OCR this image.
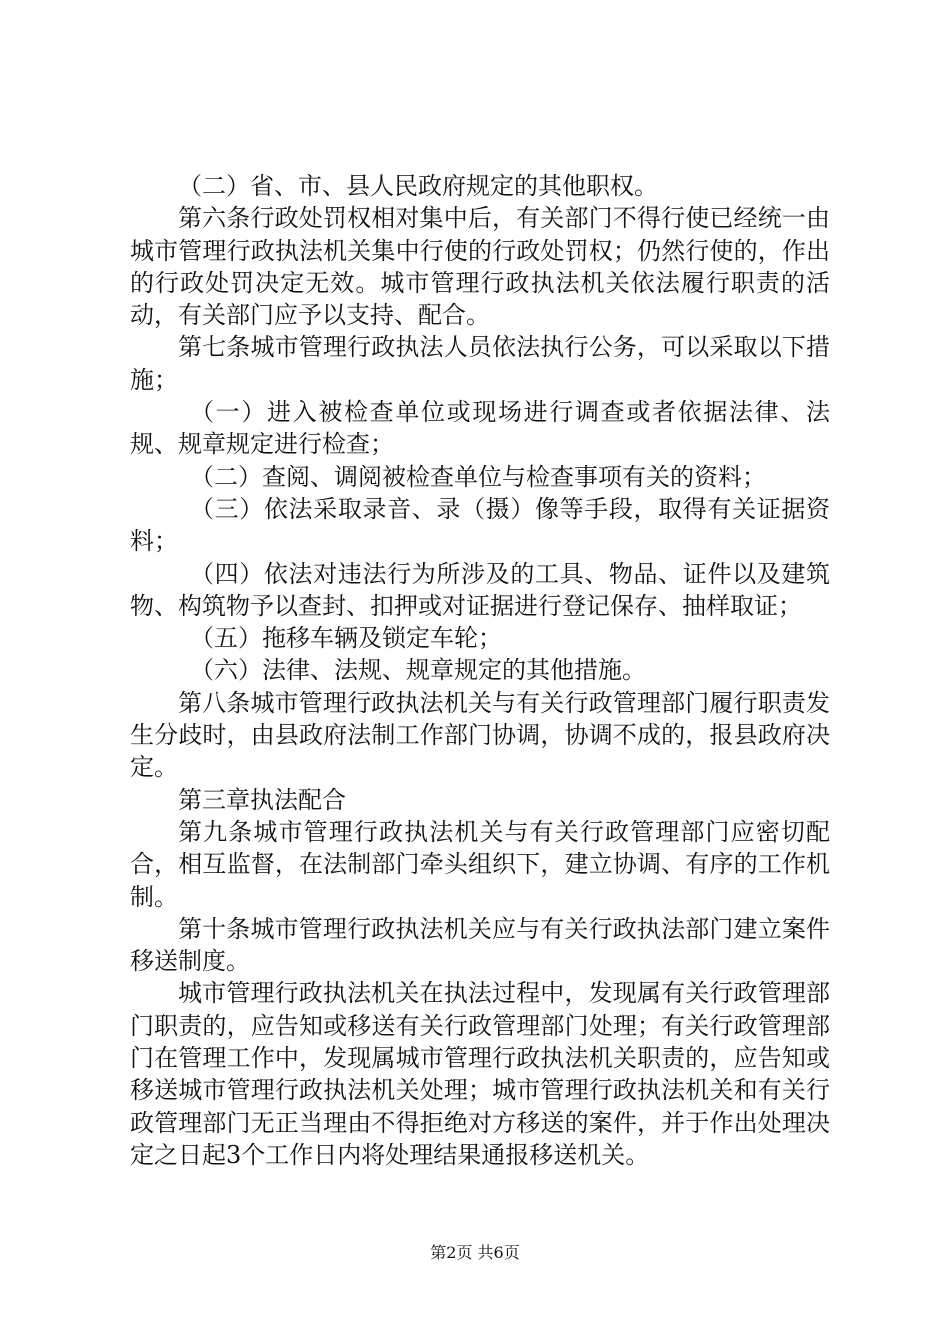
（二）省、市、县人民政府规定的其他职权。

第六条行政处罚权相对集中后，有关部门不得行使已经统一由城市管理行政执法机关集中行使的行政处罚权；仍然行使的，作出的行政处罚决定无效。城市管理行政执法机关依法履行职责的活动，有关部门应予以支持、配合。

第七条城市管理行政执法人员依法执行公务，可以采取以下措施；

（一）进入被检查单位或现场进行调查或者依据法律、法规、规章规定进行检查；

（二）查阅、调阅被检查单位与检查事项有关的资料；

（三）依法采取录音、录（摄）像等手段，取得有关证据资料；

（四）依法对违法行为所涉及的工具、物品、证件以及建筑物、构筑物予以查封、扣押或对证据进行登记保存、抽样取证；

（五）拖移车辆及锁定车轮；

（六）法律、法规、规章规定的其他措施。

第八条城市管理行政执法机关与有关行政管理部门履行职责发生分歧时，由县政府法制工作部门协调，协调不成的，报县政府决定。

第三章执法配合

第九条城市管理行政执法机关与有关行政管理部门应密切配合，相互监督，在法制部门牵头组织下，建立协调、有序的工作机制。

第十条城市管理行政执法机关应与有关行政执法部门建立案件移送制度。

城市管理行政执法机关在执法过程中，发现属有关行政管理部门职责的，应告知或移送有关行政管理部门处理；有关行政管理部门在管理工作中，发现属城市管理行政执法机关职责的，应告知或移送城市管理行政执法机关处理；城市管理行政执法机关和有关行政管理部门无正当理由不得拒绝对方移送的案件，并于作出处理决定之日起3个工作日内将处理结果通报移送机关。

第2页 共6页
